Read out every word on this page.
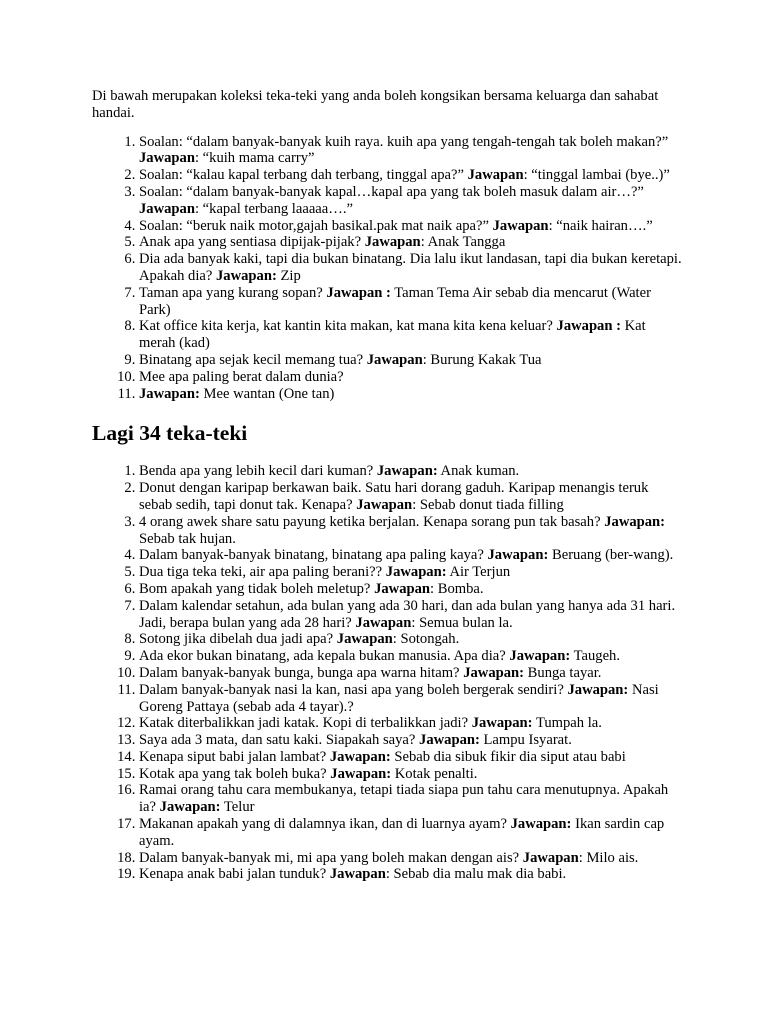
Di bawah merupakan koleksi teka-teki yang anda boleh kongsikan bersama keluarga dan sahabat handai.

1. Soalan: “dalam banyak-banyak kuih raya. kuih apa yang tengah-tengah tak boleh makan?” Jawapan: “kuih mama carry”
2. Soalan: “kalau kapal terbang dah terbang, tinggal apa?” Jawapan: “tinggal lambai (bye..)”
3. Soalan: “dalam banyak-banyak kapal…kapal apa yang tak boleh masuk dalam air…?” Jawapan: “kapal terbang laaaaa….”
4. Soalan: “beruk naik motor,gajah basikal.pak mat naik apa?” Jawapan: “naik hairan….”
5. Anak apa yang sentiasa dipijak-pijak? Jawapan: Anak Tangga
6. Dia ada banyak kaki, tapi dia bukan binatang. Dia lalu ikut landasan, tapi dia bukan keretapi. Apakah dia? Jawapan: Zip
7. Taman apa yang kurang sopan? Jawapan : Taman Tema Air sebab dia mencarut (Water Park)
8. Kat office kita kerja, kat kantin kita makan, kat mana kita kena keluar? Jawapan : Kat merah (kad)
9. Binatang apa sejak kecil memang tua? Jawapan: Burung Kakak Tua
10. Mee apa paling berat dalam dunia?
11. Jawapan: Mee wantan (One tan)
Lagi 34 teka-teki
1. Benda apa yang lebih kecil dari kuman? Jawapan: Anak kuman.
2. Donut dengan karipap berkawan baik. Satu hari dorang gaduh. Karipap menangis teruk sebab sedih, tapi donut tak. Kenapa? Jawapan: Sebab donut tiada filling
3. 4 orang awek share satu payung ketika berjalan. Kenapa sorang pun tak basah? Jawapan: Sebab tak hujan.
4. Dalam banyak-banyak binatang, binatang apa paling kaya? Jawapan: Beruang (ber-wang).
5. Dua tiga teka teki, air apa paling berani?? Jawapan: Air Terjun
6. Bom apakah yang tidak boleh meletup? Jawapan: Bomba.
7. Dalam kalendar setahun, ada bulan yang ada 30 hari, dan ada bulan yang hanya ada 31 hari. Jadi, berapa bulan yang ada 28 hari? Jawapan: Semua bulan la.
8. Sotong jika dibelah dua jadi apa? Jawapan: Sotongah.
9. Ada ekor bukan binatang, ada kepala bukan manusia. Apa dia? Jawapan: Taugeh.
10. Dalam banyak-banyak bunga, bunga apa warna hitam? Jawapan: Bunga tayar.
11. Dalam banyak-banyak nasi la kan, nasi apa yang boleh bergerak sendiri? Jawapan: Nasi Goreng Pattaya (sebab ada 4 tayar).?
12. Katak diterbalikkan jadi katak. Kopi di terbalikkan jadi? Jawapan: Tumpah la.
13. Saya ada 3 mata, dan satu kaki. Siapakah saya? Jawapan: Lampu Isyarat.
14. Kenapa siput babi jalan lambat? Jawapan: Sebab dia sibuk fikir dia siput atau babi
15. Kotak apa yang tak boleh buka? Jawapan: Kotak penalti.
16. Ramai orang tahu cara membukanya, tetapi tiada siapa pun tahu cara menutupnya. Apakah ia? Jawapan: Telur
17. Makanan apakah yang di dalamnya ikan, dan di luarnya ayam? Jawapan: Ikan sardin cap ayam.
18. Dalam banyak-banyak mi, mi apa yang boleh makan dengan ais? Jawapan: Milo ais.
19. Kenapa anak babi jalan tunduk? Jawapan: Sebab dia malu mak dia babi.
